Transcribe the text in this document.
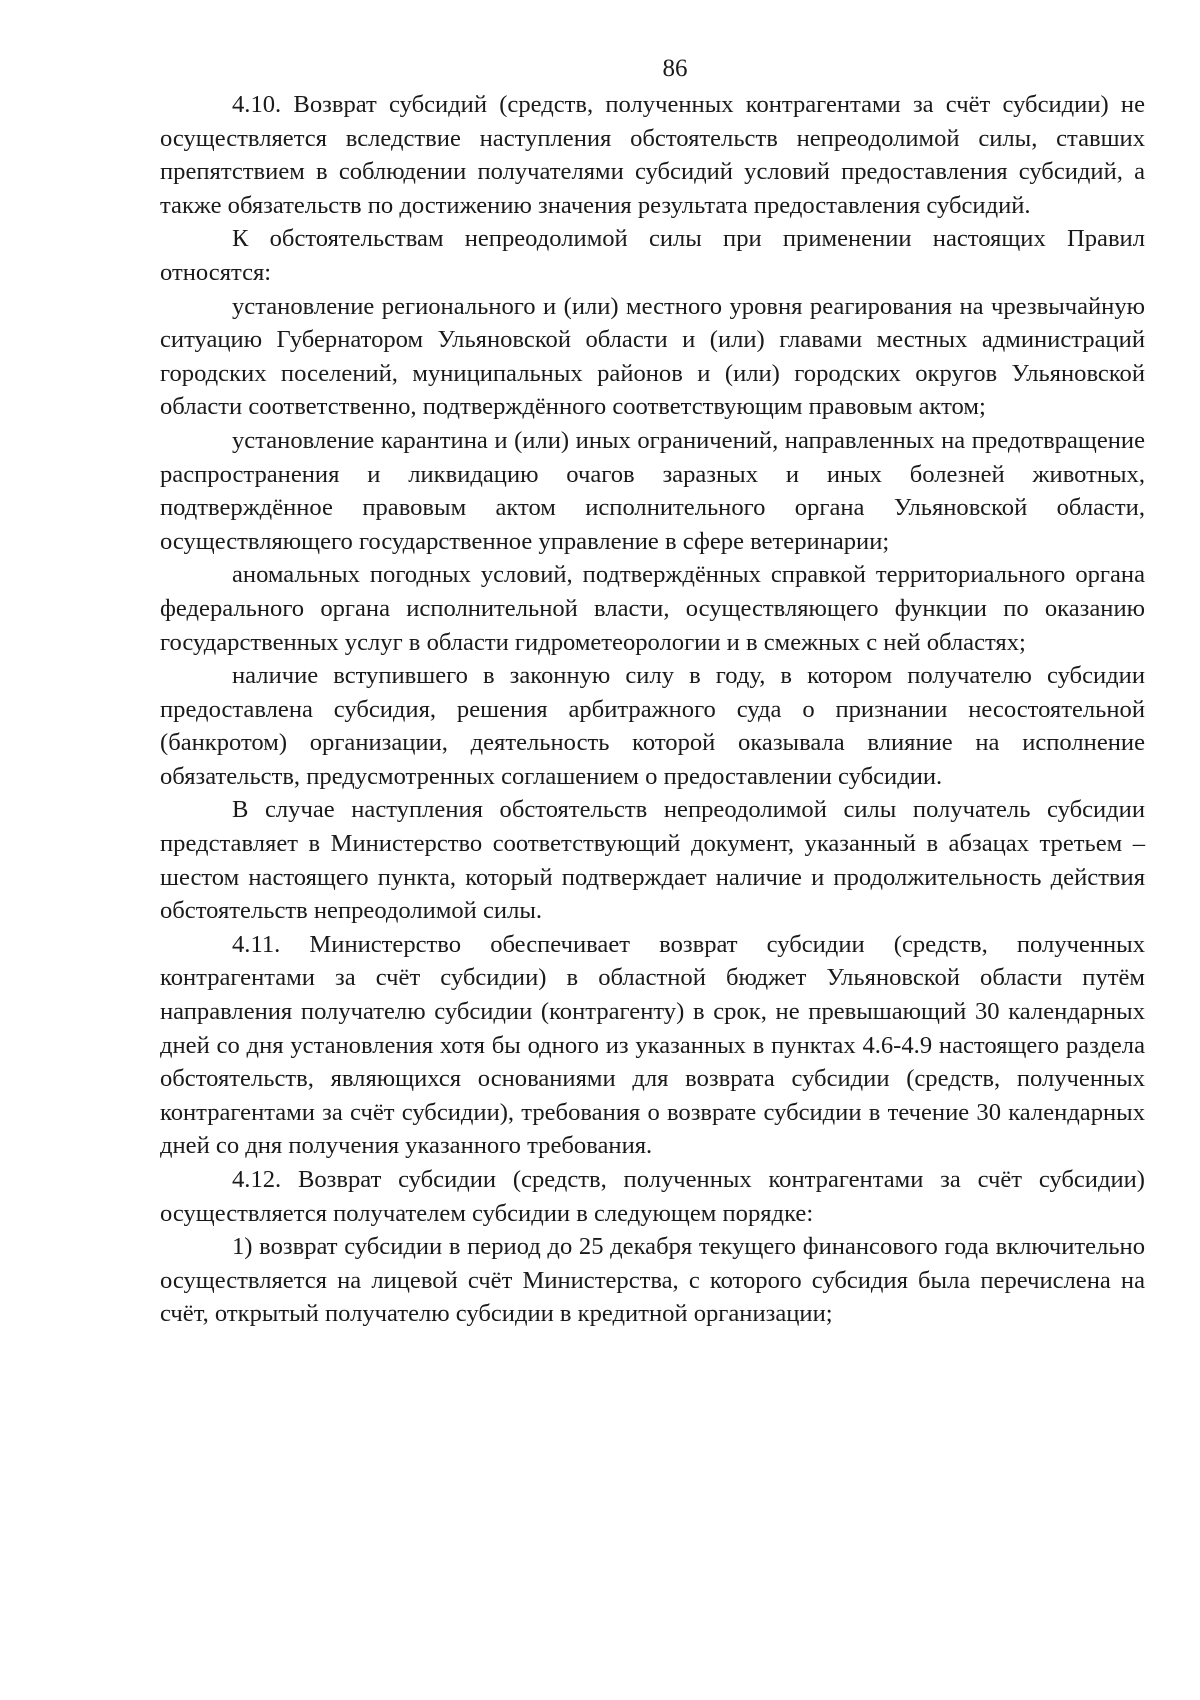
86

4.10. Возврат субсидий (средств, полученных контрагентами за счёт субсидии) не осуществляется вследствие наступления обстоятельств непреодолимой силы, ставших препятствием в соблюдении получателями субсидий условий предоставления субсидий, а также обязательств по достижению значения результата предоставления субсидий.

К обстоятельствам непреодолимой силы при применении настоящих Правил относятся:

установление регионального и (или) местного уровня реагирования на чрезвычайную ситуацию Губернатором Ульяновской области и (или) главами местных администраций городских поселений, муниципальных районов и (или) городских округов Ульяновской области соответственно, подтверждённого соответствующим правовым актом;

установление карантина и (или) иных ограничений, направленных на предотвращение распространения и ликвидацию очагов заразных и иных болезней животных, подтверждённое правовым актом исполнительного органа Ульяновской области, осуществляющего государственное управление в сфере ветеринарии;

аномальных погодных условий, подтверждённых справкой территориального органа федерального органа исполнительной власти, осуществляющего функции по оказанию государственных услуг в области гидрометеорологии и в смежных с ней областях;

наличие вступившего в законную силу в году, в котором получателю субсидии предоставлена субсидия, решения арбитражного суда о признании несостоятельной (банкротом) организации, деятельность которой оказывала влияние на исполнение обязательств, предусмотренных соглашением о предоставлении субсидии.

В случае наступления обстоятельств непреодолимой силы получатель субсидии представляет в Министерство соответствующий документ, указанный в абзацах третьем – шестом настоящего пункта, который подтверждает наличие и продолжительность действия обстоятельств непреодолимой силы.

4.11. Министерство обеспечивает возврат субсидии (средств, полученных контрагентами за счёт субсидии) в областной бюджет Ульяновской области путём направления получателю субсидии (контрагенту) в срок, не превышающий 30 календарных дней со дня установления хотя бы одного из указанных в пунктах 4.6-4.9 настоящего раздела обстоятельств, являющихся основаниями для возврата субсидии (средств, полученных контрагентами за счёт субсидии), требования о возврате субсидии в течение 30 календарных дней со дня получения указанного требования.

4.12. Возврат субсидии (средств, полученных контрагентами за счёт субсидии) осуществляется получателем субсидии в следующем порядке:

1) возврат субсидии в период до 25 декабря текущего финансового года включительно осуществляется на лицевой счёт Министерства, с которого субсидия была перечислена на счёт, открытый получателю субсидии в кредитной организации;
